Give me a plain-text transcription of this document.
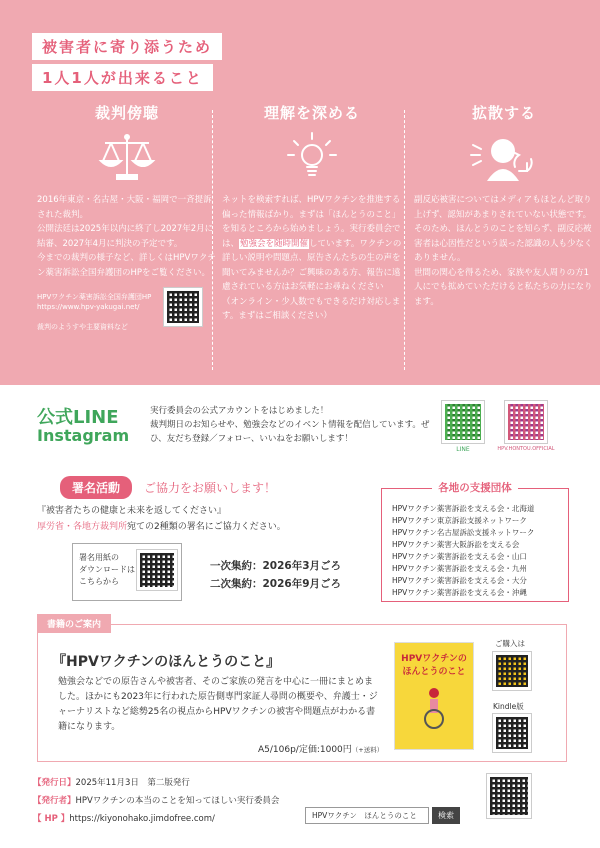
被害者に寄り添うため
1人1人が出来ること
裁判傍聴

2016年東京・名古屋・大阪・福岡で一斉提訴された裁判。
公開法廷は2025年以内に終了し2027年2月に結審、2027年4月に判決の予定です。
今までの裁判の様子など、詳しくはHPVワクチン薬害訴訟全国弁護団のHPをご覧ください。

HPVワクチン薬害訴訟全国弁護団HP
https://www.hpv-yakugai.net/
裁判のようすや主要資料など
理解を深める

ネットを検索すれば、HPVワクチンを推進する偏った情報ばかり。まずは「ほんとうのこと」を知るところから始めましょう。実行委員会では、勉強会を随時開催しています。ワクチンの詳しい説明や問題点、原告さんたちの生の声を聞いてみませんか？ご興味のある方、報告に遠慮されている方はお気軽にお尋ねください

（オンライン・少人数でもできるだけ対応します。まずはご相談ください）

拡散する

副反応被害についてはメディアもほとんど取り上げず、認知があまりされていない状態です。そのため、ほんとうのことを知らず、副反応被害者は心因性だという誤った認識の人も少なくありません。
世間の関心を得るため、家族や友人周りの方1人にでも拡めていただけると私たちの力になります。

公式LINE
Instagram
実行委員会の公式アカウントをはじめました！
裁判期日のお知らせや、勉強会などのイベント情報を配信しています。ぜひ、友だち登録／フォロー、いいねをお願いします！
LINE	HPV.HONTOU.OFFICIAL
署名活動	ご協力をお願いします！
『被害者たちの健康と未来を返してください』
厚労省・各地方裁判所宛ての2種類の署名にご協力ください。
署名用紙の
ダウンロードは
こちらから
一次集約：2026年3月ごろ
二次集約：2026年9月ごろ
各地の支援団体
HPVワクチン薬害訴訟を支える会・北海道
HPVワクチン東京訴訟支援ネットワーク
HPVワクチン名古屋訴訟支援ネットワーク
HPVワクチン薬害大阪訴訟を支える会
HPVワクチン薬害訴訟を支える会・山口
HPVワクチン薬害訴訟を支える会・九州
HPVワクチン薬害訴訟を支える会・大分
HPVワクチン薬害訴訟を支える会・沖縄
書籍のご案内
『HPVワクチンのほんとうのこと』
勉強会などでの原告さんや被害者、そのご家族の発言を中心に一冊にまとめました。ほかにも2023年に行われた原告側専門家証人尋問の概要や、弁護士・ジャーナリストなど総勢25名の視点からHPVワクチンの被害や問題点がわかる書籍になります。
A5/106p/定価:1000円（+送料）
HPVワクチンのほんとうのこと
ご購入は
Kindle版
【発行日】2025年11月3日　第二版発行
【発行者】HPVワクチンの本当のことを知ってほしい実行委員会
【 HP 】https://kiyonohako.jimdofree.com/	HPVワクチン　ほんとうのこと	検索
